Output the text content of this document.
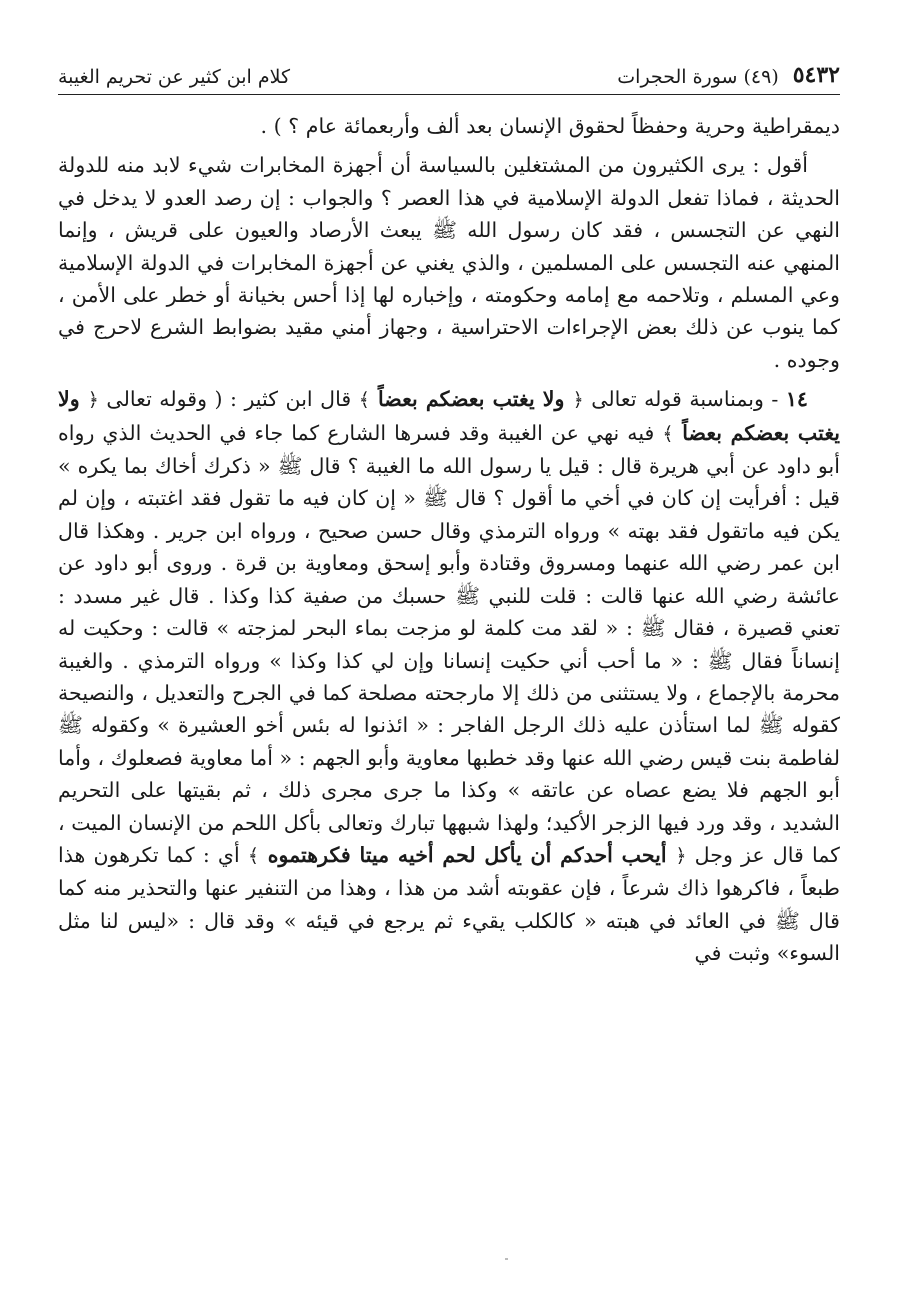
٥٤٣٢
(٤٩) سورة الحجرات
كلام ابن كثير عن تحريم الغيبة

ديمقراطية وحرية وحفظاً لحقوق الإنسان بعد ألف وأربعمائة عام ؟ ) .

أقول : يرى الكثيرون من المشتغلين بالسياسة أن أجهزة المخابرات شيء لابد منه للدولة الحديثة ، فماذا تفعل الدولة الإسلامية في هذا العصر ؟ والجواب : إن رصد العدو لا يدخل في النهي عن التجسس ، فقد كان رسول الله ﷺ يبعث الأرصاد والعيون على قريش ، وإنما المنهي عنه التجسس على المسلمين ، والذي يغني عن أجهزة المخابرات في الدولة الإسلامية وعي المسلم ، وتلاحمه مع إمامه وحكومته ، وإخباره لها إذا أحس بخيانة أو خطر على الأمن ، كما ينوب عن ذلك بعض الإجراءات الاحتراسية ، وجهاز أمني مقيد بضوابط الشرع لاحرج في وجوده .

١٤ - وبمناسبة قوله تعالى ﴿ ولا يغتب بعضكم بعضاً ﴾ قال ابن كثير : ( وقوله تعالى ﴿ ولا يغتب بعضكم بعضاً ﴾ فيه نهي عن الغيبة وقد فسرها الشارع كما جاء في الحديث الذي رواه أبو داود عن أبي هريرة قال : قيل يا رسول الله ما الغيبة ؟ قال ﷺ « ذكرك أخاك بما يكره » قيل : أفرأيت إن كان في أخي ما أقول ؟ قال ﷺ « إن كان فيه ما تقول فقد اغتبته ، وإن لم يكن فيه ماتقول فقد بهته » ورواه الترمذي وقال حسن صحيح ، ورواه ابن جرير . وهكذا قال ابن عمر رضي الله عنهما ومسروق وقتادة وأبو إسحق ومعاوية بن قرة . وروى أبو داود عن عائشة رضي الله عنها قالت : قلت للنبي ﷺ حسبك من صفية كذا وكذا . قال غير مسدد : تعني قصيرة ، فقال ﷺ : « لقد مت كلمة لو مزجت بماء البحر لمزجته » قالت : وحكيت له إنساناً فقال ﷺ : « ما أحب أني حكيت إنسانا وإن لي كذا وكذا » ورواه الترمذي . والغيبة محرمة بالإجماع ، ولا يستثنى من ذلك إلا مارجحته مصلحة كما في الجرح والتعديل ، والنصيحة كقوله ﷺ لما استأذن عليه ذلك الرجل الفاجر : « ائذنوا له بئس أخو العشيرة » وكقوله ﷺ لفاطمة بنت قيس رضي الله عنها وقد خطبها معاوية وأبو الجهم : « أما معاوية فصعلوك ، وأما أبو الجهم فلا يضع عصاه عن عاتقه » وكذا ما جرى مجرى ذلك ، ثم بقيتها على التحريم الشديد ، وقد ورد فيها الزجر الأكيد؛ ولهذا شبهها تبارك وتعالى بأكل اللحم من الإنسان الميت ، كما قال عز وجل ﴿ أيحب أحدكم أن يأكل لحم أخيه ميتا فكرهتموه ﴾ أي : كما تكرهون هذا طبعاً ، فاكرهوا ذاك شرعاً ، فإن عقوبته أشد من هذا ، وهذا من التنفير عنها والتحذير منه كما قال ﷺ في العائد في هبته « كالكلب يقيء ثم يرجع في قيئه » وقد قال : «ليس لنا مثل السوء» وثبت في
